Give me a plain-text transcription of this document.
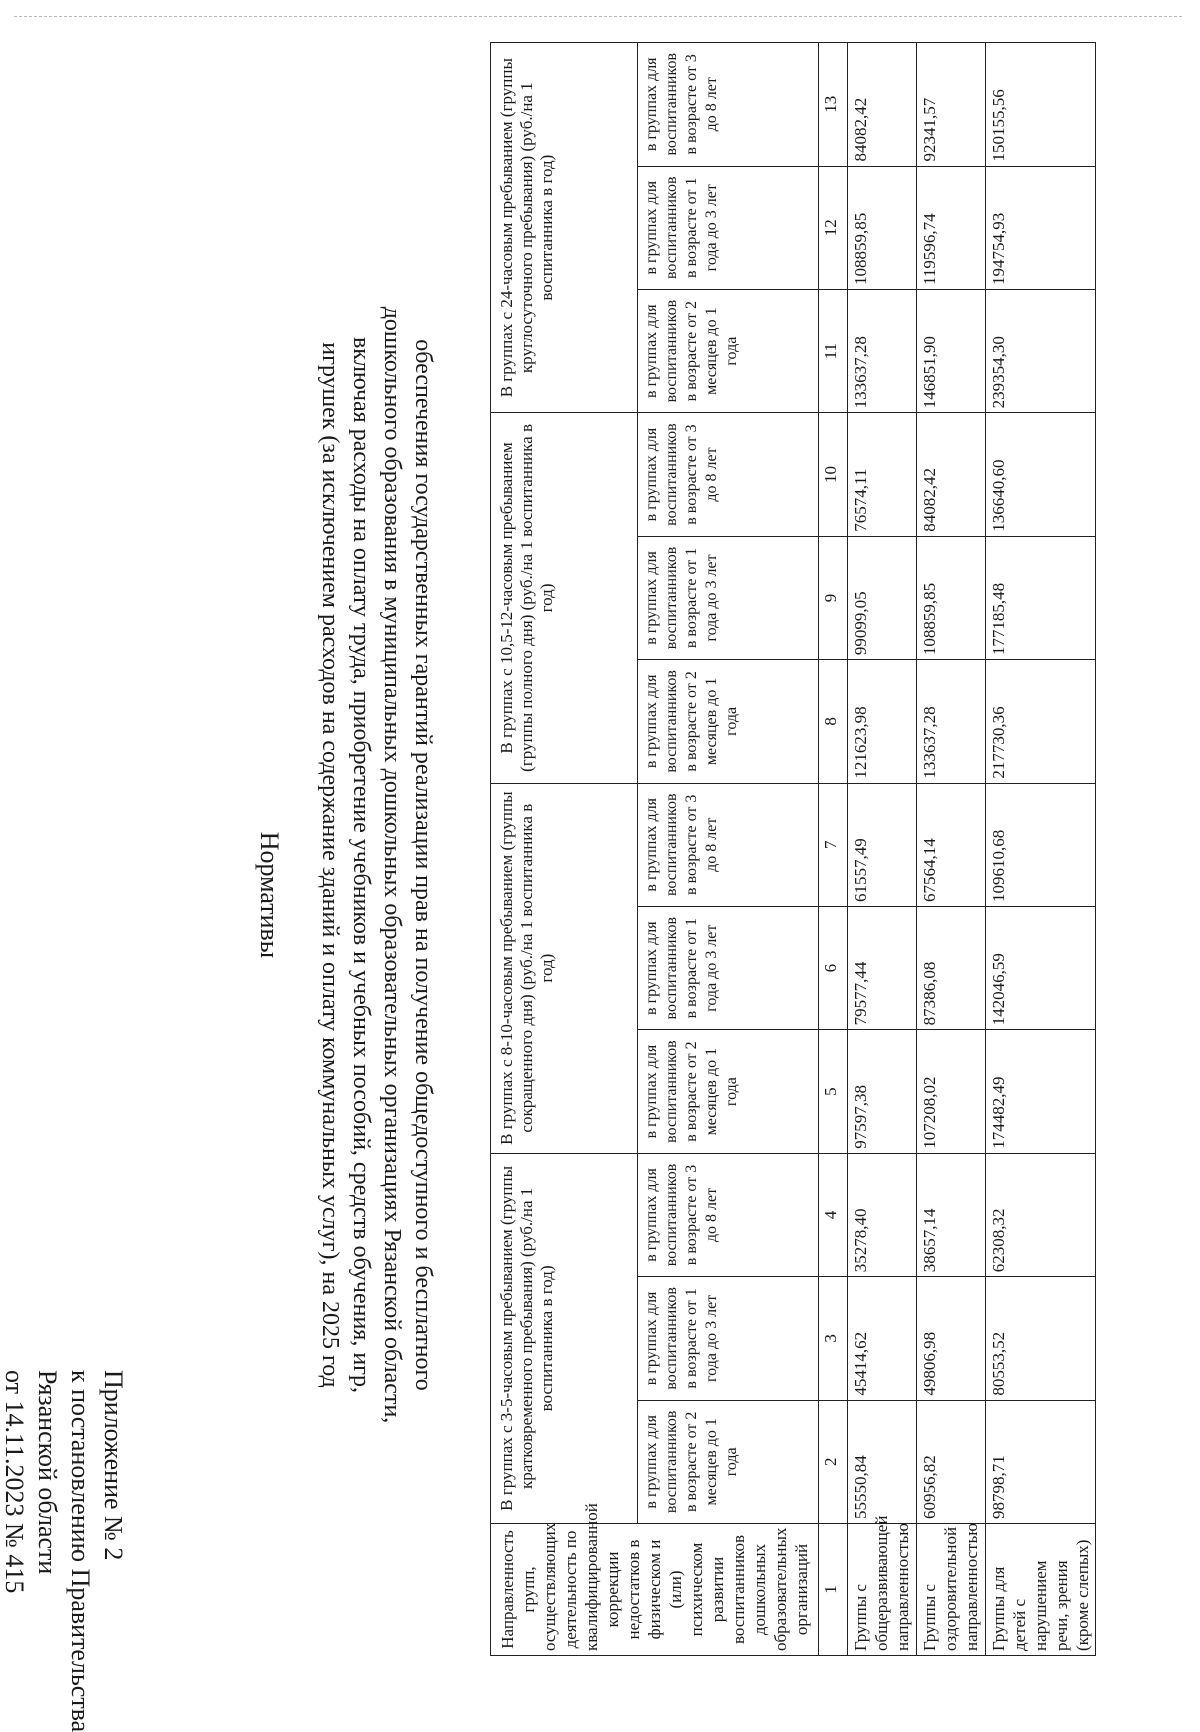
Приложение № 2
к постановлению Правительства
Рязанской области
от 14.11.2023 № 415
Нормативы	обеспечения государственных гарантий реализации прав на получение общедоступного и бесплатного
дошкольного образования в муниципальных дошкольных образовательных организациях Рязанской области,
включая расходы на оплату труда, приобретение учебников и учебных пособий, средств обучения, игр,
игрушек (за исключением расходов на содержание зданий и оплату коммунальных услуг), на 2025 год
Направленность групп, осуществляющих деятельность по квалифицированной коррекции недостатков в физическом и (или) психическом развитии воспитанников дошкольных образовательных организаций	В группах с 3-5-часовым пребыванием (группы кратковременного пребывания) (руб./на 1 воспитанника в год)			В группах с 8-10-часовым пребыванием (группы сокращенного дня) (руб./на 1 воспитанника в год)			В группах с 10,5-12-часовым пребыванием (группы полного дня) (руб./на 1 воспитанника в год)			В группах с 24-часовым пребыванием (группы круглосуточного пребывания) (руб./на 1 воспитанника в год)		
	в группах для воспитанников в возрасте от 2 месяцев до 1 года	в группах для воспитанников в возрасте от 1 года до 3 лет	в группах для воспитанников в возрасте от 3 до 8 лет	в группах для воспитанников в возрасте от 2 месяцев до 1 года	в группах для воспитанников в возрасте от 1 года до 3 лет	в группах для воспитанников в возрасте от 3 до 8 лет	в группах для воспитанников в возрасте от 2 месяцев до 1 года	в группах для воспитанников в возрасте от 1 года до 3 лет	в группах для воспитанников в возрасте от 3 до 8 лет	в группах для воспитанников в возрасте от 2 месяцев до 1 года	в группах для воспитанников в возрасте от 1 года до 3 лет	в группах для воспитанников в возрасте от 3 до 8 лет
1	2	3	4	5	6	7	8	9	10	11	12	13
Группы с общеразвивающей направленностью	55550,84	45414,62	35278,40	97597,38	79577,44	61557,49	121623,98	99099,05	76574,11	133637,28	108859,85	84082,42
Группы с оздоровительной направленностью	60956,82	49806,98	38657,14	107208,02	87386,08	67564,14	133637,28	108859,85	84082,42	146851,90	119596,74	92341,57
Группы для детей с нарушением речи, зрения (кроме слепых)	98798,71	80553,52	62308,32	174482,49	142046,59	109610,68	217730,36	177185,48	136640,60	239354,30	194754,93	150155,56
